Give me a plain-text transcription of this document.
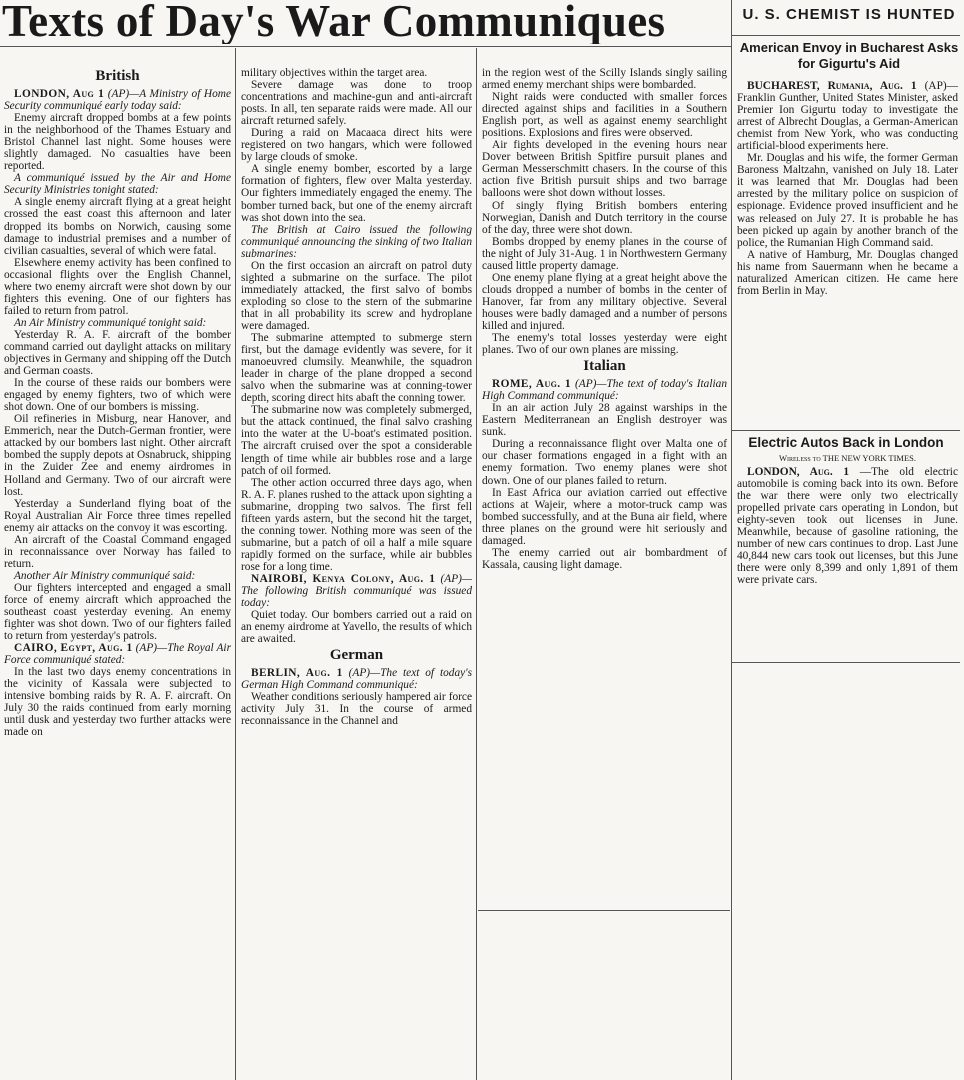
Texts of Day's War Communiques
British

LONDON, Aug 1 (AP)—A Ministry of Home Security communiqué early today said:

Enemy aircraft dropped bombs at a few points in the neighborhood of the Thames Estuary and Bristol Channel last night. Some houses were slightly damaged. No casualties have been reported.

A communiqué issued by the Air and Home Security Ministries tonight stated:

A single enemy aircraft flying at a great height crossed the east coast this afternoon and later dropped its bombs on Norwich, causing some damage to industrial premises and a number of civilian casualties, several of which were fatal.

Elsewhere enemy activity has been confined to occasional flights over the English Channel, where two enemy aircraft were shot down by our fighters this evening. One of our fighters has failed to return from patrol.

An Air Ministry communiqué tonight said:

Yesterday R. A. F. aircraft of the bomber command carried out daylight attacks on military objectives in Germany and shipping off the Dutch and German coasts.

In the course of these raids our bombers were engaged by enemy fighters, two of which were shot down. One of our bombers is missing.

Oil refineries in Misburg, near Hanover, and Emmerich, near the Dutch-German frontier, were attacked by our bombers last night. Other aircraft bombed the supply depots at Osnabruck, shipping in the Zuider Zee and enemy airdromes in Holland and Germany. Two of our aircraft were lost.

Yesterday a Sunderland flying boat of the Royal Australian Air Force three times repelled enemy air attacks on the convoy it was escorting.

An aircraft of the Coastal Command engaged in reconnaissance over Norway has failed to return.

Another Air Ministry communiqué said:

Our fighters intercepted and engaged a small force of enemy aircraft which approached the southeast coast yesterday evening. An enemy fighter was shot down. Two of our fighters failed to return from yesterday's patrols.

CAIRO, Egypt, Aug. 1 (AP)—The Royal Air Force communiqué stated:

In the last two days enemy concentrations in the vicinity of Kassala were subjected to intensive bombing raids by R. A. F. aircraft. On July 30 the raids continued from early morning until dusk and yesterday two further attacks were made on

military objectives within the target area.

Severe damage was done to troop concentrations and machine-gun and anti-aircraft posts. In all, ten separate raids were made. All our aircraft returned safely.

During a raid on Macaaca direct hits were registered on two hangars, which were followed by large clouds of smoke.

A single enemy bomber, escorted by a large formation of fighters, flew over Malta yesterday. Our fighters immediately engaged the enemy. The bomber turned back, but one of the enemy aircraft was shot down into the sea.

The British at Cairo issued the following communiqué announcing the sinking of two Italian submarines:

On the first occasion an aircraft on patrol duty sighted a submarine on the surface. The pilot immediately attacked, the first salvo of bombs exploding so close to the stern of the submarine that in all probability its screw and hydroplane were damaged.

The submarine attempted to submerge stern first, but the damage evidently was severe, for it manoeuvred clumsily. Meanwhile, the squadron leader in charge of the plane dropped a second salvo when the submarine was at conning-tower depth, scoring direct hits abaft the conning tower.

The submarine now was completely submerged, but the attack continued, the final salvo crashing into the water at the U-boat's estimated position. The aircraft cruised over the spot a considerable length of time while air bubbles rose and a large patch of oil formed.

The other action occurred three days ago, when R. A. F. planes rushed to the attack upon sighting a submarine, dropping two salvos. The first fell fifteen yards astern, but the second hit the target, the conning tower. Nothing more was seen of the submarine, but a patch of oil a half a mile square rapidly formed on the surface, while air bubbles rose for a long time.

NAIROBI, Kenya Colony, Aug. 1 (AP)—The following British communiqué was issued today:

Quiet today. Our bombers carried out a raid on an enemy airdrome at Yavello, the results of which are awaited.

German

BERLIN, Aug. 1 (AP)—The text of today's German High Command communiqué:

Weather conditions seriously hampered air force activity July 31. In the course of armed reconnaissance in the Channel and

in the region west of the Scilly Islands singly sailing armed enemy merchant ships were bombarded.

Night raids were conducted with smaller forces directed against ships and facilities in a Southern English port, as well as against enemy searchlight positions. Explosions and fires were observed.

Air fights developed in the evening hours near Dover between British Spitfire pursuit planes and German Messerschmitt chasers. In the course of this action five British pursuit ships and two barrage balloons were shot down without losses.

Of singly flying British bombers entering Norwegian, Danish and Dutch territory in the course of the day, three were shot down.

Bombs dropped by enemy planes in the course of the night of July 31-Aug. 1 in Northwestern Germany caused little property damage.

One enemy plane flying at a great height above the clouds dropped a number of bombs in the center of Hanover, far from any military objective. Several houses were badly damaged and a number of persons killed and injured.

The enemy's total losses yesterday were eight planes. Two of our own planes are missing.

Italian

ROME, Aug. 1 (AP)—The text of today's Italian High Command communiqué:

In an air action July 28 against warships in the Eastern Mediterranean an English destroyer was sunk.

During a reconnaissance flight over Malta one of our chaser formations engaged in a fight with an enemy formation. Two enemy planes were shot down. One of our planes failed to return.

In East Africa our aviation carried out effective actions at Wajeir, where a motor-truck camp was bombed successfully, and at the Buna air field, where three planes on the ground were hit seriously and damaged.

The enemy carried out air bombardment of Kassala, causing light damage.

U. S. CHEMIST IS HUNTED
American Envoy in Bucharest Asks for Gigurtu's Aid

BUCHAREST, Rumania, Aug. 1 (AP)—Franklin Gunther, United States Minister, asked Premier Ion Gigurtu today to investigate the arrest of Albrecht Douglas, a German-American chemist from New York, who was conducting artificial-blood experiments here.

Mr. Douglas and his wife, the former German Baroness Maltzahn, vanished on July 18. Later it was learned that Mr. Douglas had been arrested by the military police on suspicion of espionage. Evidence proved insufficient and he was released on July 27. It is probable he has been picked up again by another branch of the police, the Rumanian High Command said.

A native of Hamburg, Mr. Douglas changed his name from Sauermann when he became a naturalized American citizen. He came here from Berlin in May.

Electric Autos Back in London
Wireless to THE NEW YORK TIMES.

LONDON, Aug. 1 —The old electric automobile is coming back into its own. Before the war there were only two electrically propelled private cars operating in London, but eighty-seven took out licenses in June. Meanwhile, because of gasoline rationing, the number of new cars continues to drop. Last June 40,844 new cars took out licenses, but this June there were only 8,399 and only 1,891 of them were private cars.
